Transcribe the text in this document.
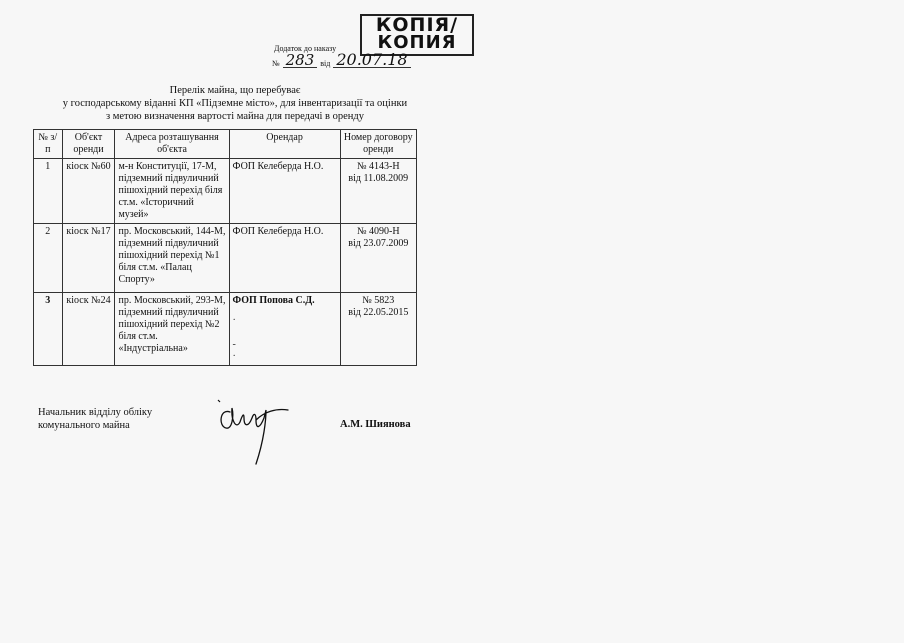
КОПІЯ/
КОПИЯ
Додаток до наказу
№ 283 від 20.07.18
Перелік майна, що перебуває
у господарському віданні КП «Підземне місто», для інвентаризації та оцінки
з метою визначення вартості майна для передачі в оренду
№ з/п	Об'єкт оренди	Адреса розташування об'єкта	Орендар	Номер договору оренди
1	кіоск №60	м-н Конституції, 17-М, підземний підвуличний пішохідний перехід біля ст.м. «Історичний музей»	ФОП Келеберда Н.О.	№ 4143-Н
від 11.08.2009
2	кіоск №17	пр. Московський, 144-М, підземний підвуличний пішохідний перехід №1 біля ст.м. «Палац Спорту»	ФОП Келеберда Н.О.	№ 4090-Н
від 23.07.2009
3	кіоск №24	пр. Московський, 293-М, підземний підвуличний пішохідний перехід №2 біля ст.м. «Індустріальна»	ФОП Попова С.Д.
·

-
·	№ 5823
від 22.05.2015
Начальник відділу обліку
комунального майна	А.М. Шиянова
